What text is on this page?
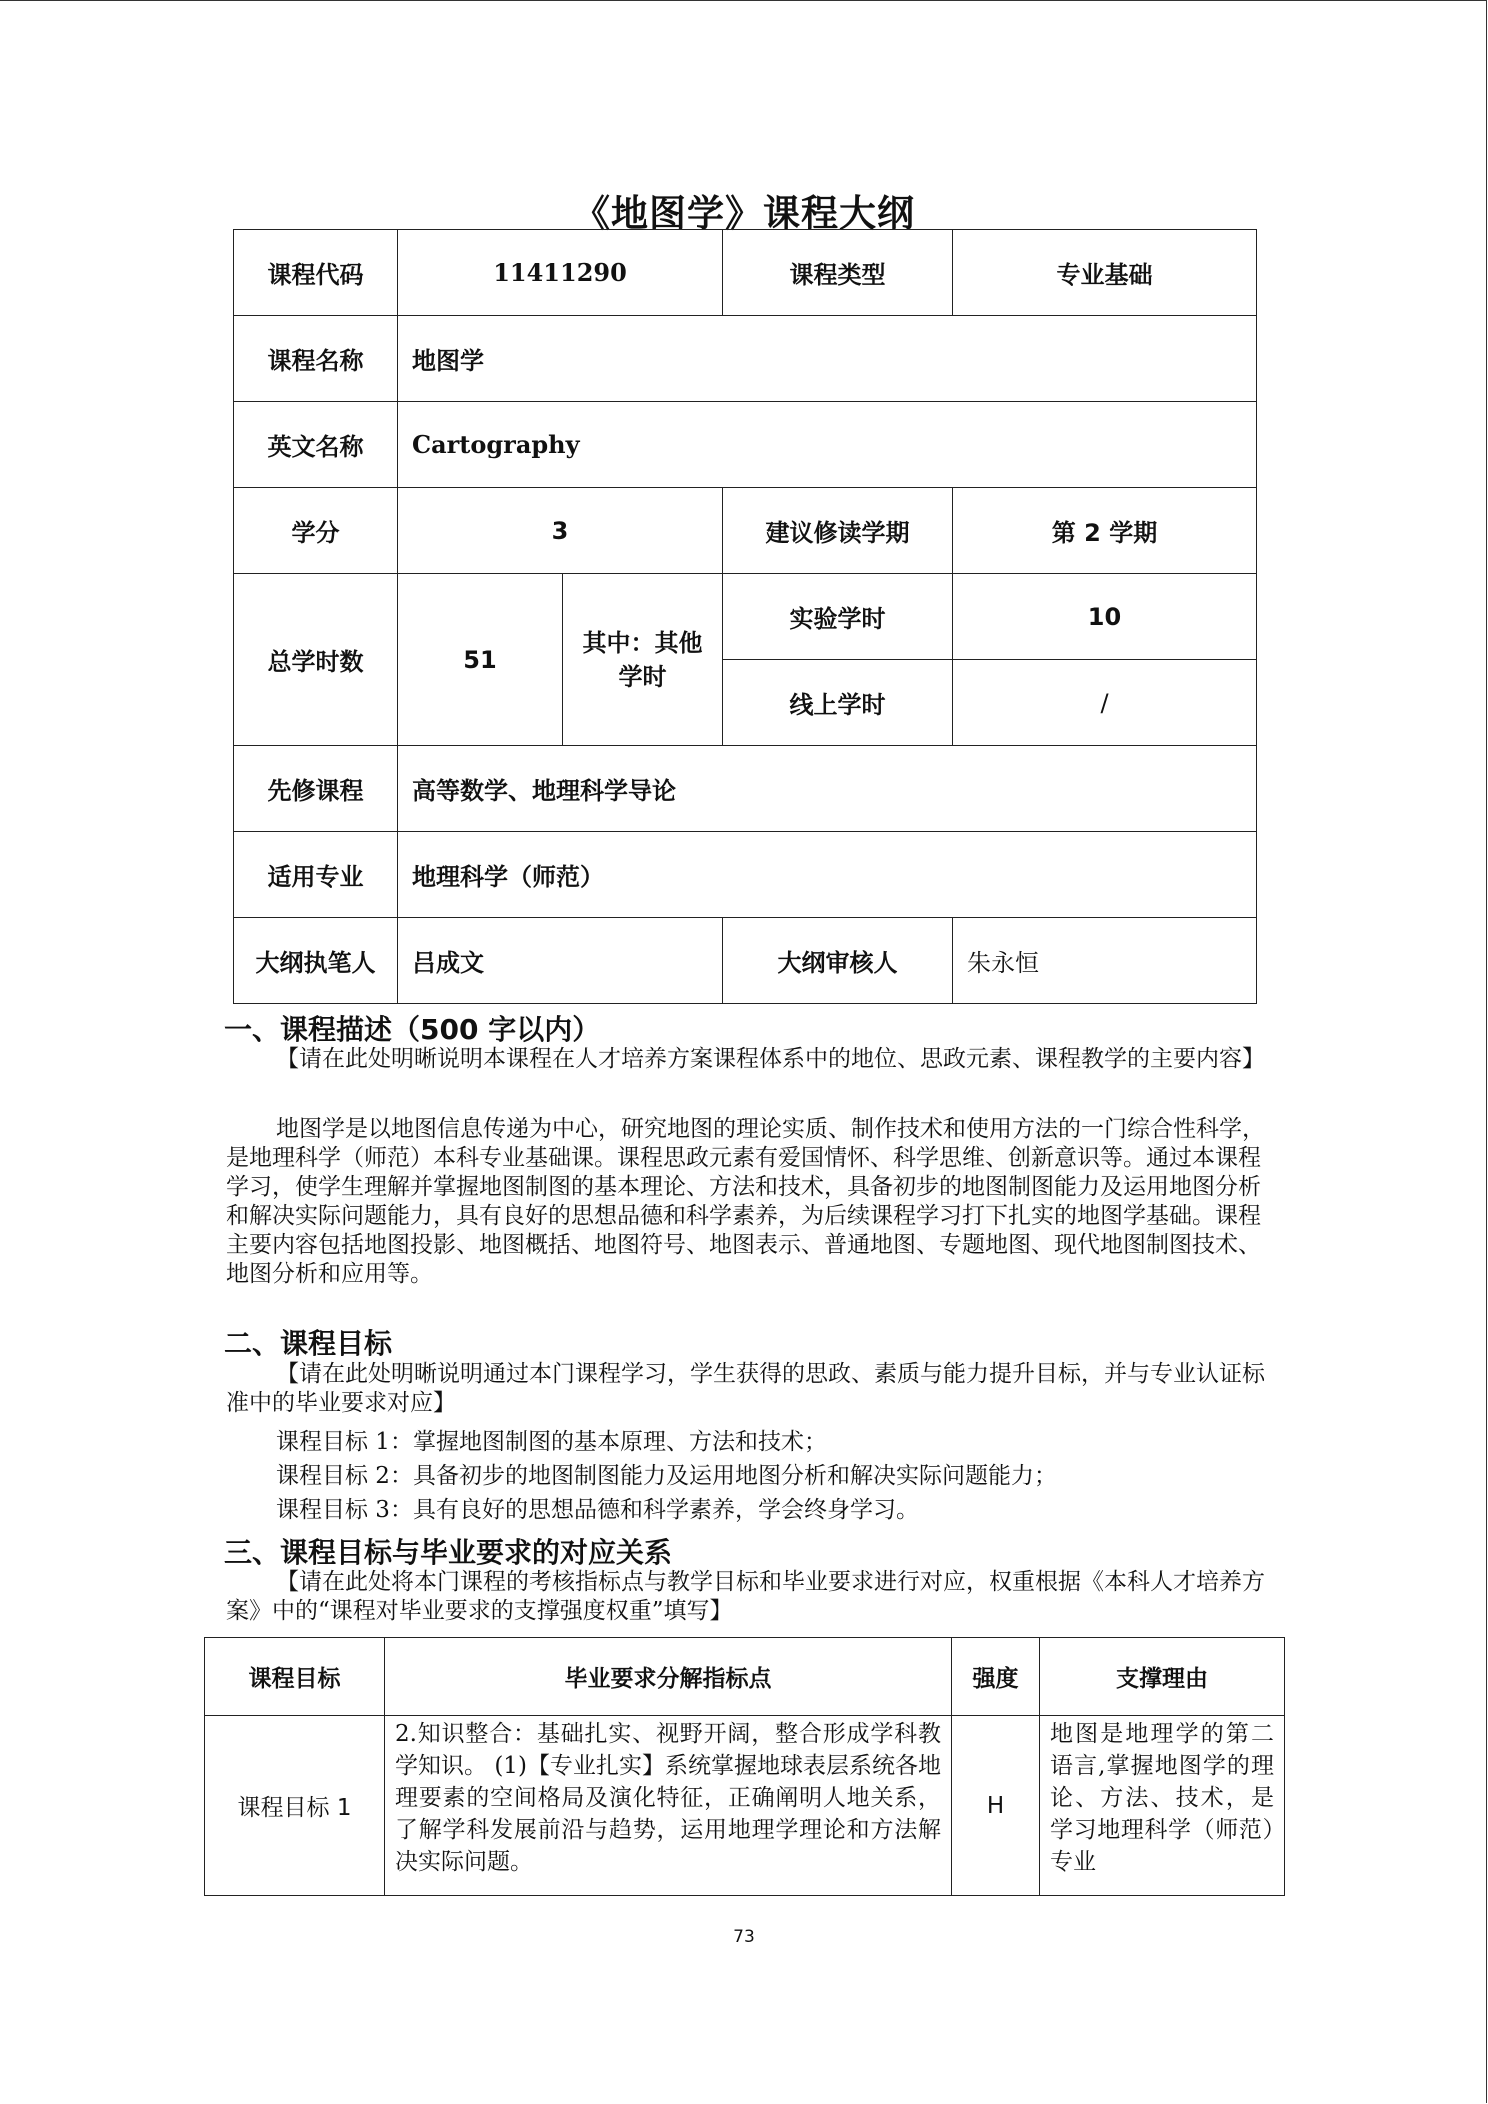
《地图学》课程大纲
课程代码	11411290		课程类型	专业基础
课程名称	地图学			
英文名称	Cartography			
学分	3		建议修读学期	第 2 学期
总学时数	51	其中：其他学时	实验学时	10
			线上学时	/
先修课程	高等数学、地理科学导论			
适用专业	地理科学（师范）			
大纲执笔人	吕成文		大纲审核人	朱永恒
一、课程描述（500 字以内）
【请在此处明晰说明本课程在人才培养方案课程体系中的地位、思政元素、课程教学的主要内容】
地图学是以地图信息传递为中心，研究地图的理论实质、制作技术和使用方法的一门综合性科学，是地理科学（师范）本科专业基础课。课程思政元素有爱国情怀、科学思维、创新意识等。通过本课程学习，使学生理解并掌握地图制图的基本理论、方法和技术，具备初步的地图制图能力及运用地图分析和解决实际问题能力，具有良好的思想品德和科学素养，为后续课程学习打下扎实的地图学基础。课程主要内容包括地图投影、地图概括、地图符号、地图表示、普通地图、专题地图、现代地图制图技术、地图分析和应用等。
二、课程目标
【请在此处明晰说明通过本门课程学习，学生获得的思政、素质与能力提升目标，并与专业认证标准中的毕业要求对应】
课程目标 1：掌握地图制图的基本原理、方法和技术；
课程目标 2：具备初步的地图制图能力及运用地图分析和解决实际问题能力；
课程目标 3：具有良好的思想品德和科学素养，学会终身学习。
三、课程目标与毕业要求的对应关系
【请在此处将本门课程的考核指标点与教学目标和毕业要求进行对应，权重根据《本科人才培养方案》中的“课程对毕业要求的支撑强度权重”填写】
课程目标	毕业要求分解指标点	强度	支撑理由
课程目标 1	2.知识整合：基础扎实、视野开阔，整合形成学科教学知识。 (1)【专业扎实】系统掌握地球表层系统各地理要素的空间格局及演化特征，正确阐明人地关系，了解学科发展前沿与趋势，运用地理学理论和方法解决实际问题。	H	地图是地理学的第二语言,掌握地图学的理论、方法、技术，是学习地理科学（师范）专业
73
